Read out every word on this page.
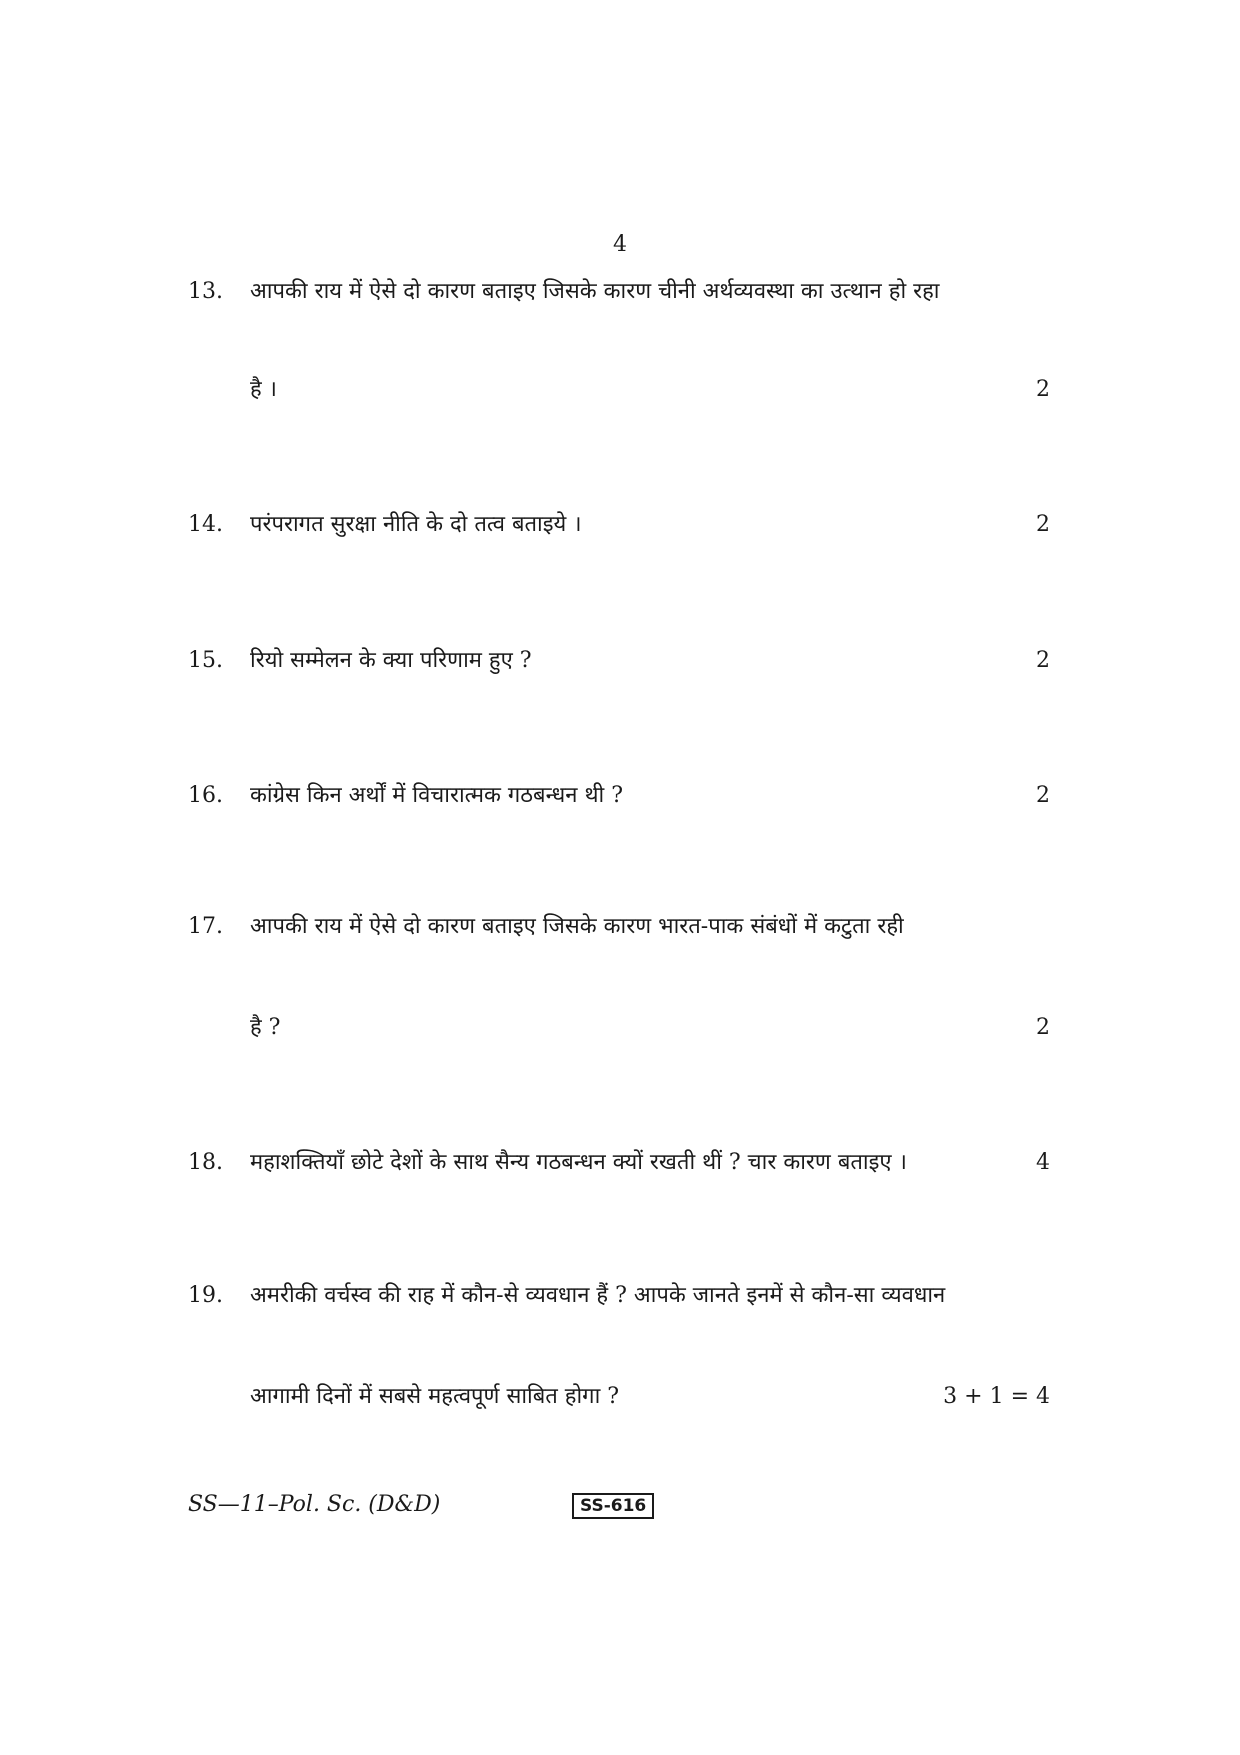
4
13.	आपकी राय में ऐसे दो कारण बताइए जिसके कारण चीनी अर्थव्यवस्था का उत्थान हो रहा
है ।	2
14.	परंपरागत सुरक्षा नीति के दो तत्व बताइये ।	2
15.	रियो सम्मेलन के क्या परिणाम हुए ?	2
16.	कांग्रेस किन अर्थों में विचारात्मक गठबन्धन थी ?	2
17.	आपकी राय में ऐसे दो कारण बताइए जिसके कारण भारत-पाक संबंधों में कटुता रही
है ?	2
18.	महाशक्तियाँ छोटे देशों के साथ सैन्य गठबन्धन क्यों रखती थीं ? चार कारण बताइए ।	4
19.	अमरीकी वर्चस्व की राह में कौन-से व्यवधान हैं ? आपके जानते इनमें से कौन-सा व्यवधान
आगामी दिनों में सबसे महत्वपूर्ण साबित होगा ?	3 + 1 = 4
SS—11–Pol. Sc. (D&D)	SS-616
